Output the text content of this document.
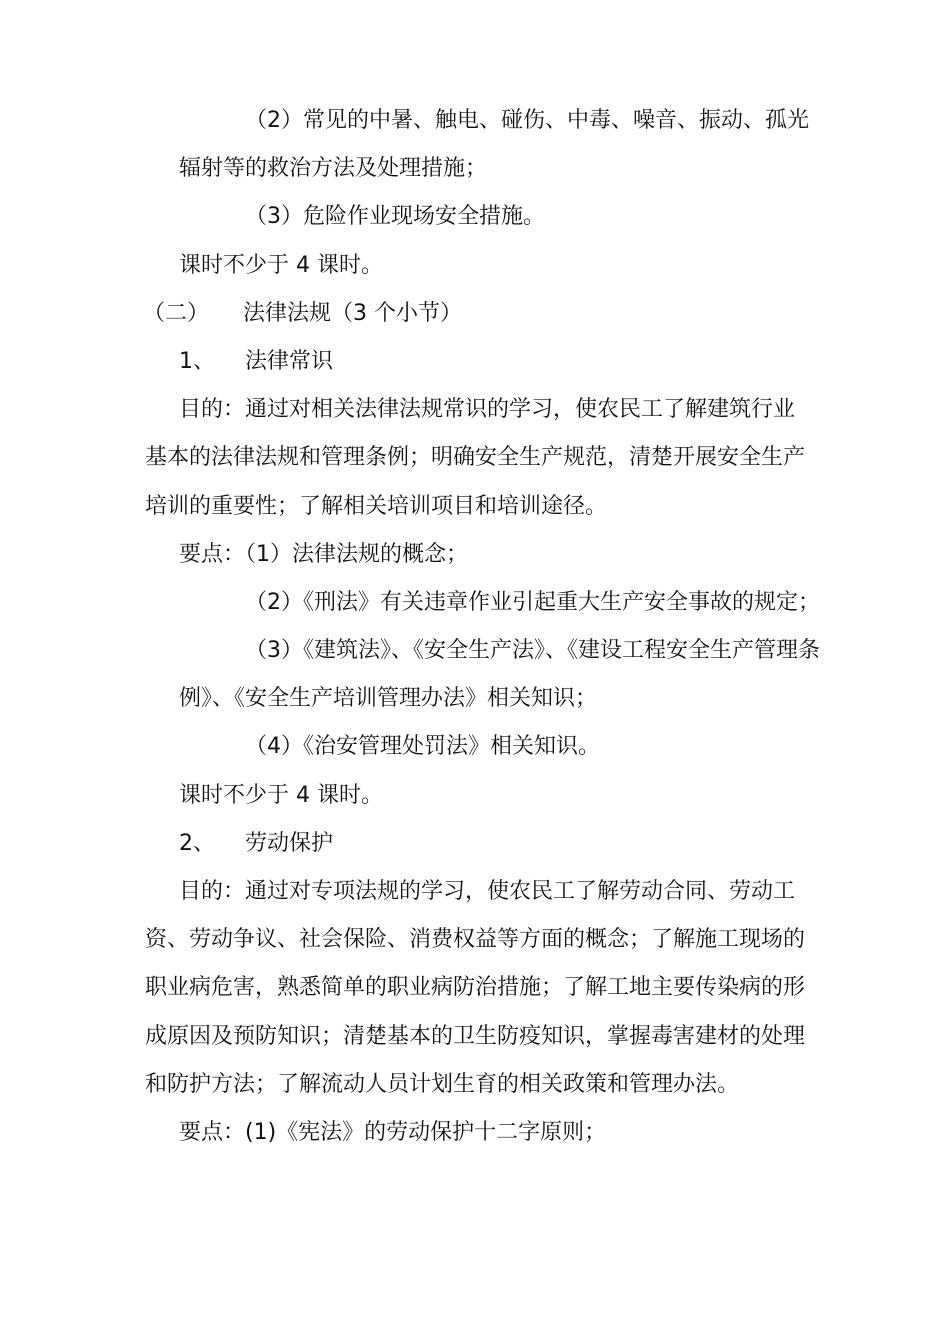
（2）常见的中暑、触电、碰伤、中毒、噪音、振动、孤光
辐射等的救治方法及处理措施；
（3）危险作业现场安全措施。
课时不少于 4 课时。
（二） 法律法规（3 个小节）
1、 法律常识
目的：通过对相关法律法规常识的学习，使农民工了解建筑行业
基本的法律法规和管理条例；明确安全生产规范，清楚开展安全生产
培训的重要性；了解相关培训项目和培训途径。
要点：（1）法律法规的概念；
（2）《刑法》有关违章作业引起重大生产安全事故的规定；
（3）《建筑法》、《安全生产法》、《建设工程安全生产管理条
例》、《安全生产培训管理办法》相关知识；
（4）《治安管理处罚法》相关知识。
课时不少于 4 课时。
2、 劳动保护
目的：通过对专项法规的学习，使农民工了解劳动合同、劳动工
资、劳动争议、社会保险、消费权益等方面的概念；了解施工现场的
职业病危害，熟悉简单的职业病防治措施；了解工地主要传染病的形
成原因及预防知识；清楚基本的卫生防疫知识，掌握毒害建材的处理
和防护方法；了解流动人员计划生育的相关政策和管理办法。
要点：(1)《宪法》的劳动保护十二字原则；
